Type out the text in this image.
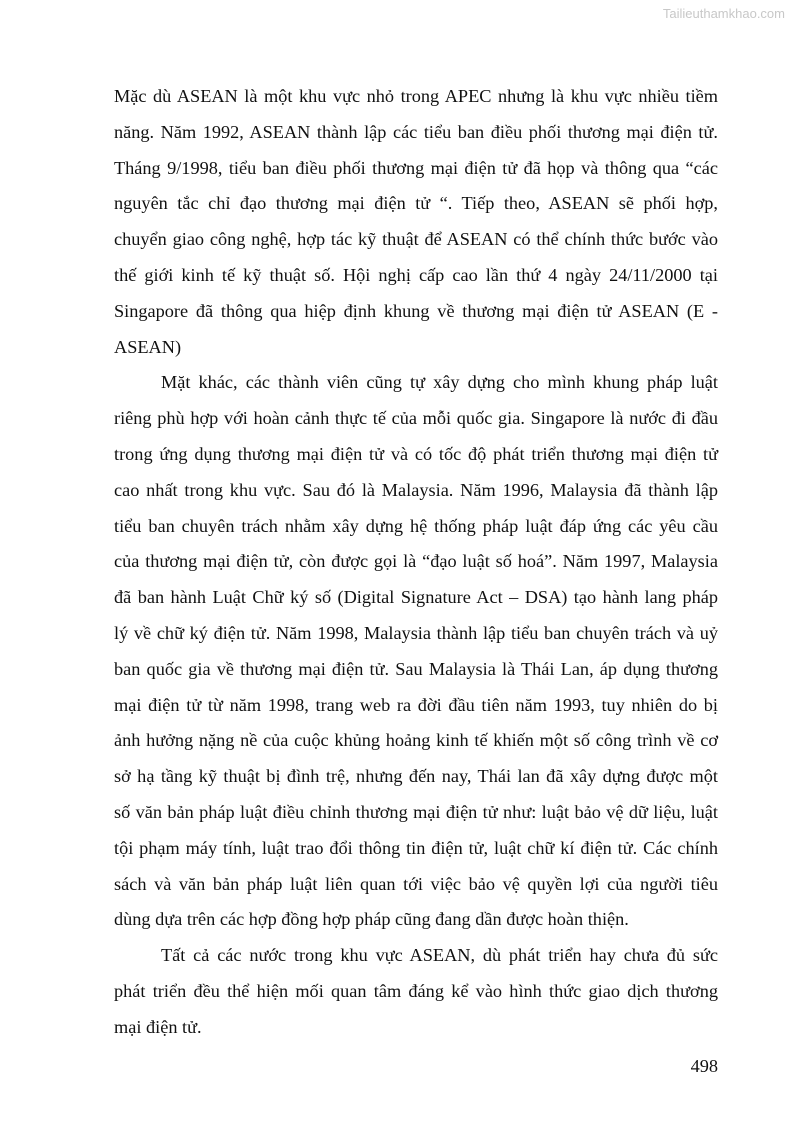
Tailieuthamkhao.com
Mặc dù ASEAN là một khu vực nhỏ trong APEC nhưng là khu vực nhiều tiềm
năng. Năm 1992, ASEAN thành lập các tiểu ban điều phối thương mại điện tử.
Tháng 9/1998, tiểu ban điều phối thương mại điện tử đã họp và thông qua “các
nguyên tắc chỉ đạo thương mại điện tử “. Tiếp theo, ASEAN sẽ phối hợp,
chuyển giao công nghệ, hợp tác kỹ thuật để ASEAN có thể chính thức bước vào
thế giới kinh tế kỹ thuật số. Hội nghị cấp cao lần thứ 4 ngày 24/11/2000 tại
Singapore đã thông qua hiệp định khung về thương mại điện tử ASEAN (E -
ASEAN)
Mặt khác, các thành viên cũng tự xây dựng cho mình khung pháp luật
riêng phù hợp với hoàn cảnh thực tế của mỗi quốc gia. Singapore là nước đi đầu
trong ứng dụng thương mại điện tử và có tốc độ phát triển thương mại điện tử
cao nhất trong khu vực. Sau đó là Malaysia. Năm 1996, Malaysia đã thành lập
tiểu ban chuyên trách nhằm xây dựng hệ thống pháp luật đáp ứng các yêu cầu
của thương mại điện tử, còn được gọi là “đạo luật số hoá”. Năm 1997, Malaysia
đã ban hành Luật Chữ ký số (Digital Signature Act – DSA) tạo hành lang pháp
lý về chữ ký điện tử. Năm 1998, Malaysia thành lập tiểu ban chuyên trách và uỷ
ban quốc gia về thương mại điện tử. Sau Malaysia là Thái Lan, áp dụng thương
mại điện tử từ năm 1998, trang web ra đời đầu tiên năm 1993, tuy nhiên do bị
ảnh hưởng nặng nề của cuộc khủng hoảng kinh tế khiến một số công trình về cơ
sở hạ tầng kỹ thuật bị đình trệ, nhưng đến nay, Thái lan đã xây dựng được một
số văn bản pháp luật điều chỉnh thương mại điện tử như: luật bảo vệ dữ liệu, luật
tội phạm máy tính, luật trao đổi thông tin điện tử, luật chữ kí điện tử. Các chính
sách và văn bản pháp luật liên quan tới việc bảo vệ quyền lợi của người tiêu
dùng dựa trên các hợp đồng hợp pháp cũng đang dần được hoàn thiện.
Tất cả các nước trong khu vực ASEAN, dù phát triển hay chưa đủ sức
phát triển đều thể hiện mối quan tâm đáng kể vào hình thức giao dịch thương
mại điện tử.
498
